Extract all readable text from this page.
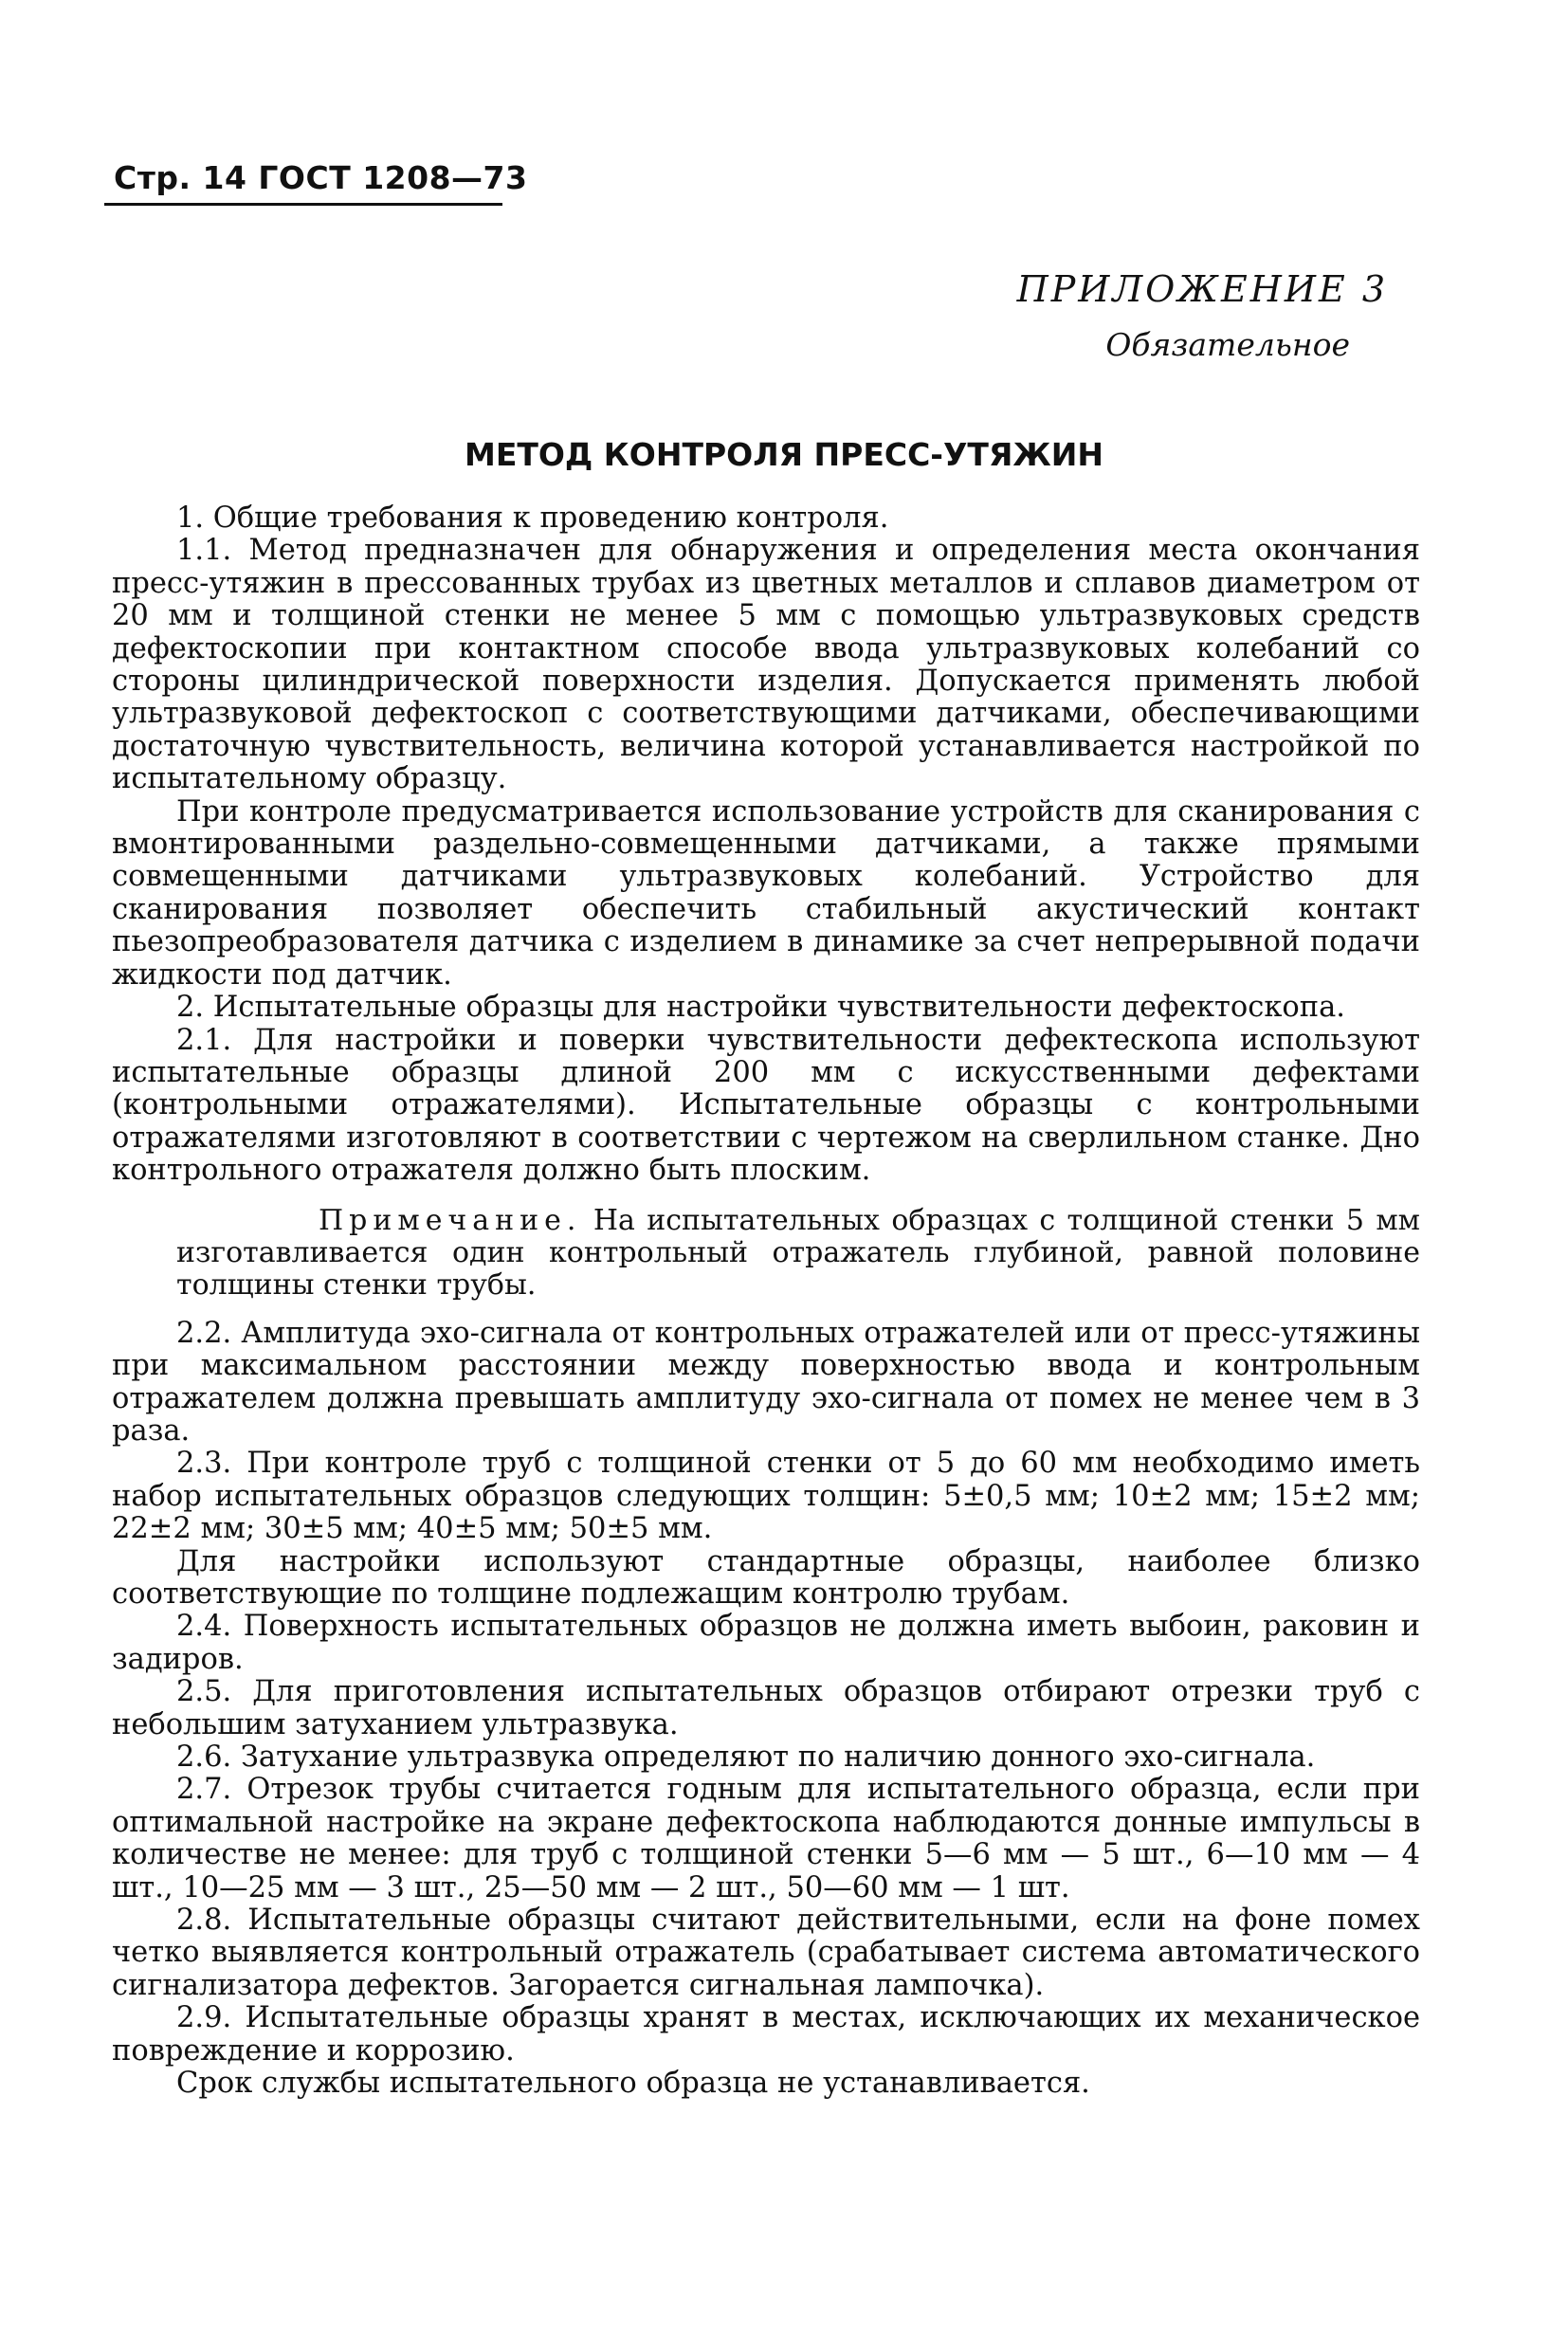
Стр. 14 ГОСТ 1208—73
ПРИЛОЖЕНИЕ 3
Обязательное
МЕТОД КОНТРОЛЯ ПРЕСС-УТЯЖИН

1. Общие требования к проведению контроля.

1.1. Метод предназначен для обнаружения и определения места окончания пресс-утяжин в прессованных трубах из цветных металлов и сплавов диаметром от 20 мм и толщиной стенки не менее 5 мм с помощью ультразвуковых средств дефектоскопии при контактном способе ввода ультразвуковых колебаний со стороны цилиндрической поверхности изделия. Допускается применять любой ультразвуковой дефектоскоп с соответствующими датчиками, обеспечивающими достаточную чувствительность, величина которой устанавливается настройкой по испытательному образцу.

При контроле предусматривается использование устройств для сканирования с вмонтированными раздельно-совмещенными датчиками, а также прямыми совмещенными датчиками ультразвуковых колебаний. Устройство для сканирования позволяет обеспечить стабильный акустический контакт пьезопреобразователя датчика с изделием в динамике за счет непрерывной подачи жидкости под датчик.

2. Испытательные образцы для настройки чувствительности дефектоскопа.

2.1. Для настройки и поверки чувствительности дефектескопа используют испытательные образцы длиной 200 мм с искусственными дефектами (контрольными отражателями). Испытательные образцы с контрольными отражателями изготовляют в соответствии с чертежом на сверлильном станке. Дно контрольного отражателя должно быть плоским.

Примечание. На испытательных образцах с толщиной стенки 5 мм изготавливается один контрольный отражатель глубиной, равной половине толщины стенки трубы.

2.2. Амплитуда эхо-сигнала от контрольных отражателей или от пресс-утяжины при максимальном расстоянии между поверхностью ввода и контрольным отражателем должна превышать амплитуду эхо-сигнала от помех не менее чем в 3 раза.

2.3. При контроле труб с толщиной стенки от 5 до 60 мм необходимо иметь набор испытательных образцов следующих толщин: 5±0,5 мм; 10±2 мм; 15±2 мм; 22±2 мм; 30±5 мм; 40±5 мм; 50±5 мм.

Для настройки используют стандартные образцы, наиболее близко соответствующие по толщине подлежащим контролю трубам.

2.4. Поверхность испытательных образцов не должна иметь выбоин, раковин и задиров.

2.5. Для приготовления испытательных образцов отбирают отрезки труб с небольшим затуханием ультразвука.

2.6. Затухание ультразвука определяют по наличию донного эхо-сигнала.

2.7. Отрезок трубы считается годным для испытательного образца, если при оптимальной настройке на экране дефектоскопа наблюдаются донные импульсы в количестве не менее: для труб с толщиной стенки 5—6 мм — 5 шт., 6—10 мм — 4 шт., 10—25 мм — 3 шт., 25—50 мм — 2 шт., 50—60 мм — 1 шт.

2.8. Испытательные образцы считают действительными, если на фоне помех четко выявляется контрольный отражатель (срабатывает система автоматического сигнализатора дефектов. Загорается сигнальная лампочка).

2.9. Испытательные образцы хранят в местах, исключающих их механическое повреждение и коррозию.

Срок службы испытательного образца не устанавливается.
